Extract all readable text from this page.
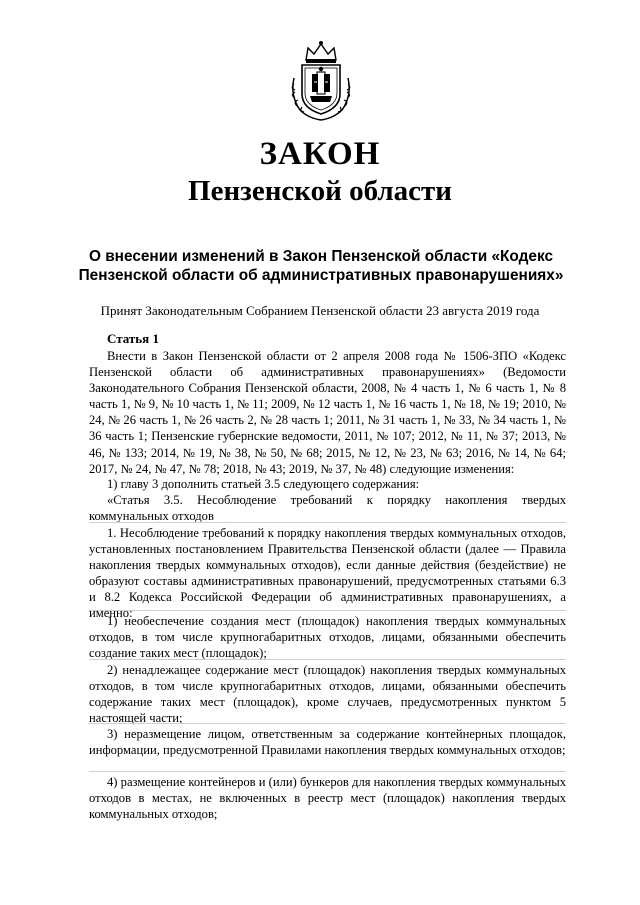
ЗАКОН
Пензенской области
О внесении изменений в Закон Пензенской области «Кодекс Пензенской области об административных правонарушениях»
Принят Законодательным Собранием Пензенской области 23 августа 2019 года
Статья 1

Внести в Закон Пензенской области от 2 апреля 2008 года № 1506-ЗПО «Кодекс Пензенской области об административных правонарушениях» (Ведомости Законодательного Собрания Пензенской области, 2008, № 4 часть 1, № 6 часть 1, № 8 часть 1, № 9, № 10 часть 1, № 11; 2009, № 12 часть 1, № 16 часть 1, № 18, № 19; 2010, № 24, № 26 часть 1, № 26 часть 2, № 28 часть 1; 2011, № 31 часть 1, № 33, № 34 часть 1, № 36 часть 1; Пензенские губернские ведомости, 2011, № 107; 2012, № 11, № 37; 2013, № 46, № 133; 2014, № 19, № 38, № 50, № 68; 2015, № 12, № 23, № 63; 2016, № 14, № 64; 2017, № 24, № 47, № 78; 2018, № 43; 2019, № 37, № 48) следующие изменения:

1) главу 3 дополнить статьей 3.5 следующего содержания:

«Статья 3.5. Несоблюдение требований к порядку накопления твердых коммунальных отходов

1. Несоблюдение требований к порядку накопления твердых коммунальных отходов, установленных постановлением Правительства Пензенской области (далее — Правила накопления твердых коммунальных отходов), если данные действия (бездействие) не образуют составы административных правонарушений, предусмотренных статьями 6.3 и 8.2 Кодекса Российской Федерации об административных правонарушениях, а именно:

1) необеспечение создания мест (площадок) накопления твердых коммунальных отходов, в том числе крупногабаритных отходов, лицами, обязанными обеспечить создание таких мест (площадок);

2) ненадлежащее содержание мест (площадок) накопления твердых коммунальных отходов, в том числе крупногабаритных отходов, лицами, обязанными обеспечить содержание таких мест (площадок), кроме случаев, предусмотренных пунктом 5 настоящей части;

3) неразмещение лицом, ответственным за содержание контейнерных площадок, информации, предусмотренной Правилами накопления твердых коммунальных отходов;

4) размещение контейнеров и (или) бункеров для накопления твердых коммунальных отходов в местах, не включенных в реестр мест (площадок) накопления твердых коммунальных отходов;
